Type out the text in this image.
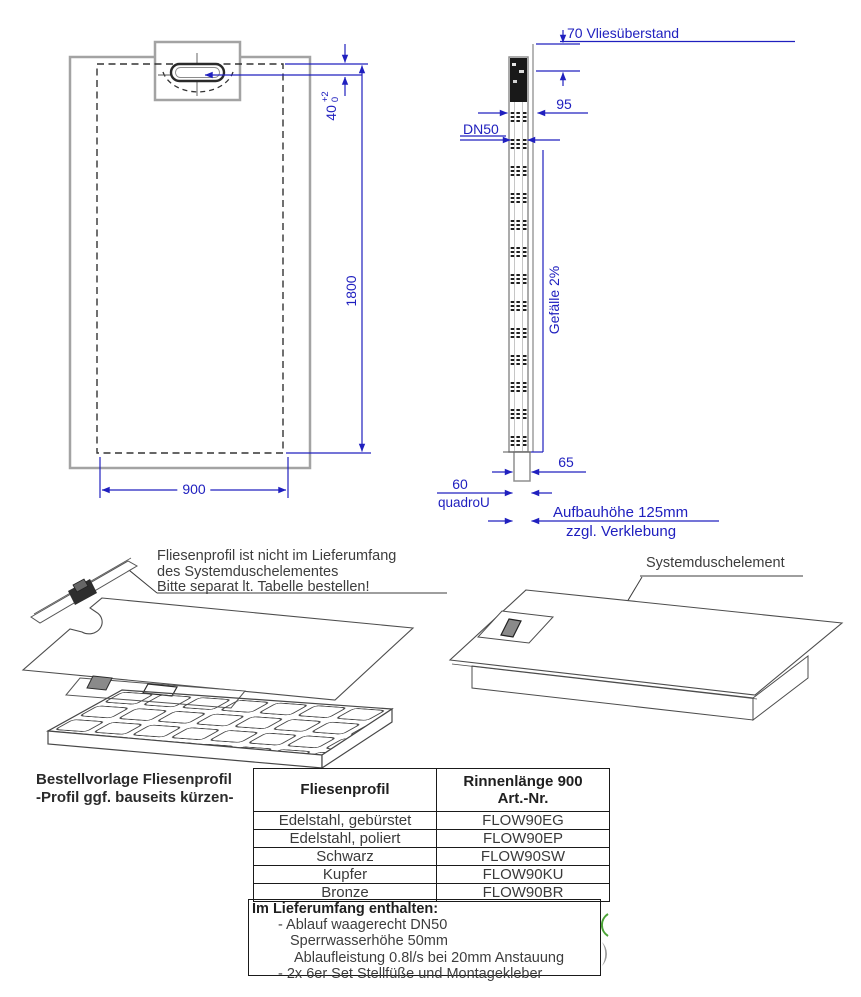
40
+2
0
1800
900
70 Vliesüberstand
95
DN50
Gefälle 2%
65
60
quadroU
Aufbauhöhe 125mm
zzgl. Verklebung
Fliesenprofil ist nicht im Lieferumfang
des Systemduschelementes
Bitte separat lt. Tabelle bestellen!
Systemduschelement
Bestellvorlage Fliesenprofil
-Profil ggf. bauseits kürzen-	Fliesenprofil	Rinnenlänge 900
Art.-Nr.

Edelstahl, gebürstet	FLOW90EG
Edelstahl, poliert	FLOW90EP
Schwarz	FLOW90SW
Kupfer	FLOW90KU
Bronze	FLOW90BR
Im Lieferumfang enthalten:
- Ablauf waagerecht DN50
Sperrwasserhöhe 50mm
Ablaufleistung 0.8l/s bei 20mm Anstauung
- 2x 6er Set Stellfüße und Montagekleber
